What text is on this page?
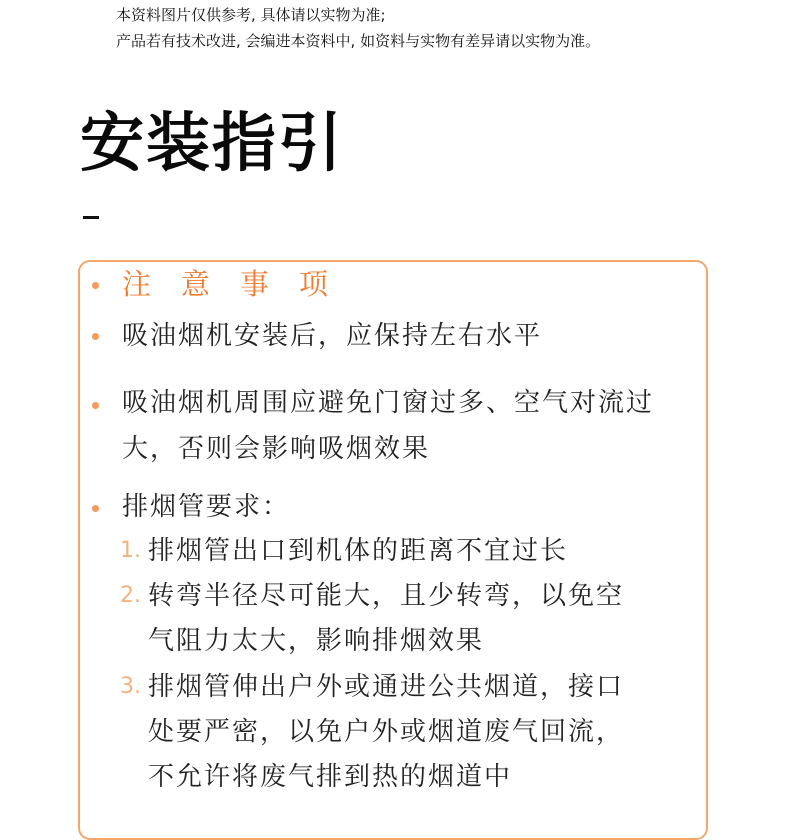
本资料图片仅供参考, 具体请以实物为准;
产品若有技术改进, 会编进本资料中, 如资料与实物有差异请以实物为准。
安装指引
注意事项
吸油烟机安装后，应保持左右水平
吸油烟机周围应避免门窗过多、空气对流过
大，否则会影响吸烟效果
排烟管要求：
1. 排烟管出口到机体的距离不宜过长
2. 转弯半径尽可能大，且少转弯，以免空
气阻力太大，影响排烟效果
3. 排烟管伸出户外或通进公共烟道，接口
处要严密，以免户外或烟道废气回流，
不允许将废气排到热的烟道中
